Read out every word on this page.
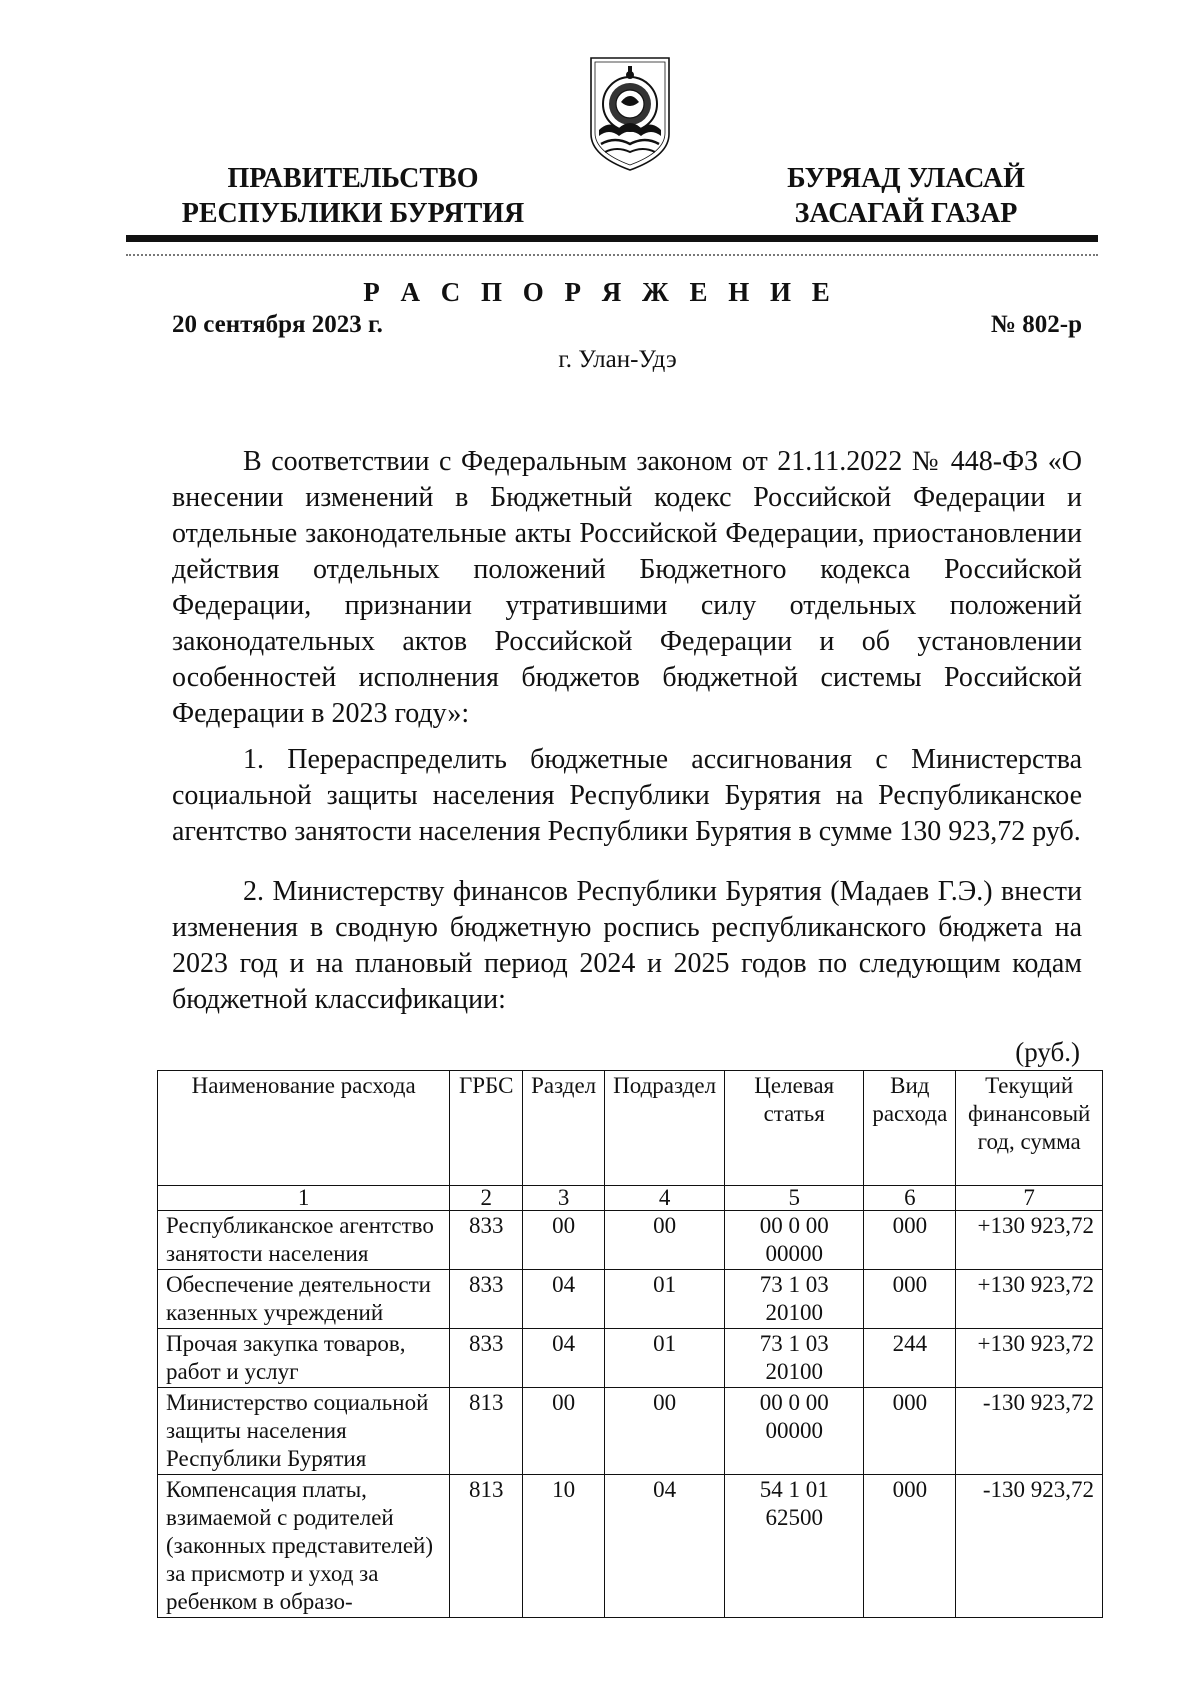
ПРАВИТЕЛЬСТВО
РЕСПУБЛИКИ БУРЯТИЯ
БУРЯАД УЛАСАЙ
ЗАСАГАЙ ГАЗАР
Р А С П О Р Я Ж Е Н И Е
20 сентября 2023 г.	№ 802-р
г. Улан-Удэ

В соответствии с Федеральным законом от 21.11.2022 № 448-ФЗ «О внесении изменений в Бюджетный кодекс Российской Федерации и отдельные законодательные акты Российской Федерации, приостановлении действия отдельных положений Бюджетного кодекса Российской Федерации, признании утратившими силу отдельных положений законодательных актов Российской Федерации и об установлении особенностей исполнения бюджетов бюджетной системы Российской Федерации в 2023 году»:

1. Перераспределить бюджетные ассигнования с Министерства социальной защиты населения Республики Бурятия на Республиканское агентство занятости населения Республики Бурятия в сумме 130 923,72 руб.

2. Министерству финансов Республики Бурятия (Мадаев Г.Э.) внести изменения в сводную бюджетную роспись республиканского бюджета на 2023 год и на плановый период 2024 и 2025 годов по следующим кодам бюджетной классификации:

(руб.)
Наименование расхода	ГРБС	Раздел	Подраздел	Целевая статья	Вид расхода	Текущий финансовый год, сумма
1	2	3	4	5	6	7
Республиканское агентство занятости населения	833	00	00	00 0 00 00000	000	+130 923,72
Обеспечение деятельности казенных учреждений	833	04	01	73 1 03 20100	000	+130 923,72
Прочая закупка товаров, работ и услуг	833	04	01	73 1 03 20100	244	+130 923,72
Министерство социальной защиты населения Республики Бурятия	813	00	00	00 0 00 00000	000	-130 923,72
Компенсация платы, взимаемой с родителей (законных представителей) за присмотр и уход за ребенком в образо-	813	10	04	54 1 01 62500	000	-130 923,72
